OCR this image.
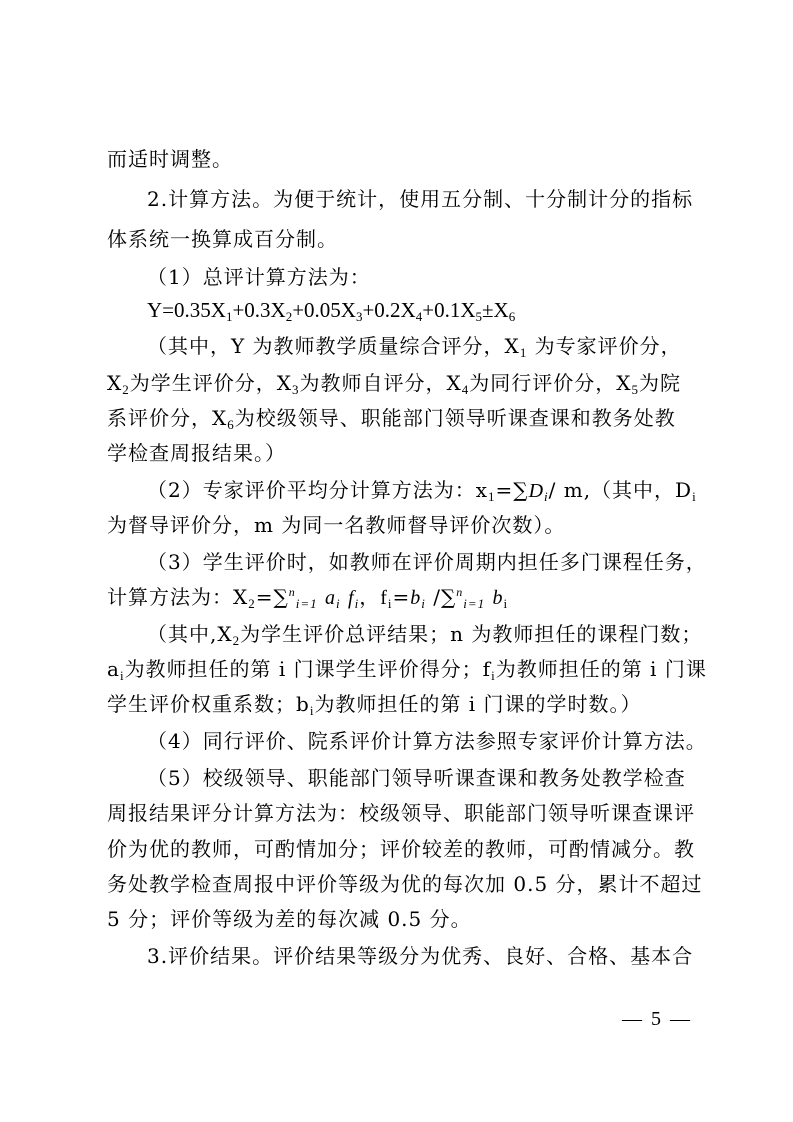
而适时调整。

2.计算方法。为便于统计，使用五分制、十分制计分的指标

体系统一换算成百分制。

（1）总评计算方法为：

$Y=0.35X_1+0.3X_2+0.05X_3+0.2X_4+0.1X_5\pm X_6$

（其中，Y 为教师教学质量综合评分，$X_1$ 为专家评价分，

$X_2$为学生评价分，$X_3$为教师自评分，$X_4$为同行评价分，$X_5$为院

系评价分，$X_6$为校级领导、职能部门领导听课查课和教务处教

学检查周报结果。）

（2）专家评价平均分计算方法为：$x_1=\sum D_i/$ m,（其中，$D_i$

为督导评价分，m 为同一名教师督导评价次数）。

（3）学生评价时，如教师在评价周期内担任多门课程任务，

计算方法为：$X_2=\sum^n_{i=1}$ $a_i$ $f_i$，$f_i=b_i$ /∑$^n_{i=1}$ $b_i$

（其中$,X_2$为学生评价总评结果；n 为教师担任的课程门数；

$a_i$为教师担任的第 i 门课学生评价得分；$f_i$为教师担任的第 i 门课

学生评价权重系数；$b_i$为教师担任的第 i 门课的学时数。）

（4）同行评价、院系评价计算方法参照专家评价计算方法。

（5）校级领导、职能部门领导听课查课和教务处教学检查

周报结果评分计算方法为：校级领导、职能部门领导听课查课评

价为优的教师，可酌情加分；评价较差的教师，可酌情减分。教

务处教学检查周报中评价等级为优的每次加 0.5 分，累计不超过

5 分；评价等级为差的每次减 0.5 分。

3.评价结果。评价结果等级分为优秀、良好、合格、基本合

— 5 —
